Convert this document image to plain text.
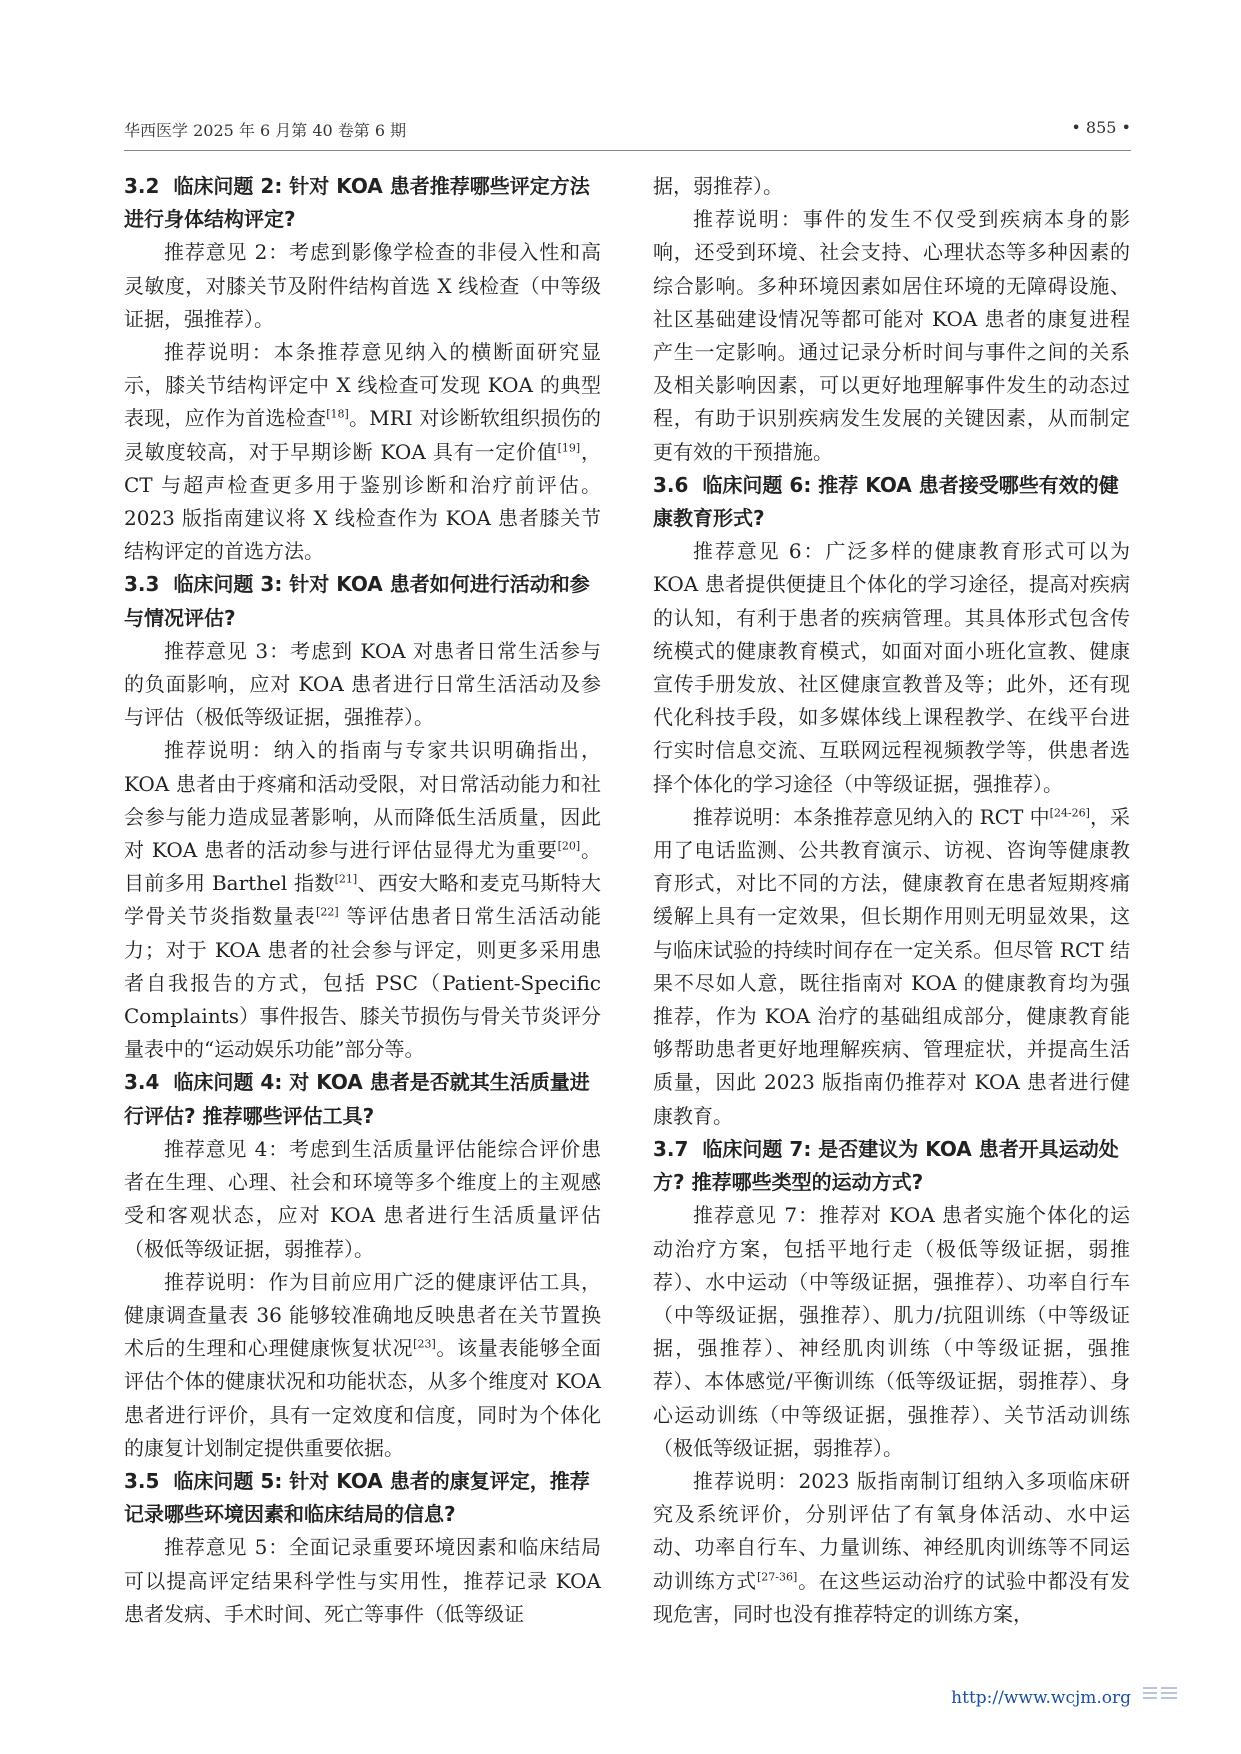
华西医学 2025 年 6 月第 40 卷第 6 期	• 855 •
3.2 临床问题 2: 针对 KOA 患者推荐哪些评定方法进行身体结构评定?

推荐意见 2：考虑到影像学检查的非侵入性和高灵敏度，对膝关节及附件结构首选 X 线检查（中等级证据，强推荐）。

推荐说明：本条推荐意见纳入的横断面研究显示，膝关节结构评定中 X 线检查可发现 KOA 的典型表现，应作为首选检查[18]。MRI 对诊断软组织损伤的灵敏度较高，对于早期诊断 KOA 具有一定价值[19]，CT 与超声检查更多用于鉴别诊断和治疗前评估。2023 版指南建议将 X 线检查作为 KOA 患者膝关节结构评定的首选方法。

3.3 临床问题 3: 针对 KOA 患者如何进行活动和参与情况评估?

推荐意见 3：考虑到 KOA 对患者日常生活参与的负面影响，应对 KOA 患者进行日常生活活动及参与评估（极低等级证据，强推荐）。

推荐说明：纳入的指南与专家共识明确指出，KOA 患者由于疼痛和活动受限，对日常活动能力和社会参与能力造成显著影响，从而降低生活质量，因此对 KOA 患者的活动参与进行评估显得尤为重要[20]。目前多用 Barthel 指数[21]、西安大略和麦克马斯特大学骨关节炎指数量表[22] 等评估患者日常生活活动能力；对于 KOA 患者的社会参与评定，则更多采用患者自我报告的方式，包括 PSC（Patient-Specific Complaints）事件报告、膝关节损伤与骨关节炎评分量表中的“运动娱乐功能”部分等。

3.4 临床问题 4: 对 KOA 患者是否就其生活质量进行评估? 推荐哪些评估工具?

推荐意见 4：考虑到生活质量评估能综合评价患者在生理、心理、社会和环境等多个维度上的主观感受和客观状态，应对 KOA 患者进行生活质量评估（极低等级证据，弱推荐）。

推荐说明：作为目前应用广泛的健康评估工具，健康调查量表 36 能够较准确地反映患者在关节置换术后的生理和心理健康恢复状况[23]。该量表能够全面评估个体的健康状况和功能状态，从多个维度对 KOA 患者进行评价，具有一定效度和信度，同时为个体化的康复计划制定提供重要依据。

3.5 临床问题 5: 针对 KOA 患者的康复评定，推荐记录哪些环境因素和临床结局的信息?

推荐意见 5：全面记录重要环境因素和临床结局可以提高评定结果科学性与实用性，推荐记录 KOA 患者发病、手术时间、死亡等事件（低等级证

据，弱推荐）。

推荐说明：事件的发生不仅受到疾病本身的影响，还受到环境、社会支持、心理状态等多种因素的综合影响。多种环境因素如居住环境的无障碍设施、社区基础建设情况等都可能对 KOA 患者的康复进程产生一定影响。通过记录分析时间与事件之间的关系及相关影响因素，可以更好地理解事件发生的动态过程，有助于识别疾病发生发展的关键因素，从而制定更有效的干预措施。

3.6 临床问题 6: 推荐 KOA 患者接受哪些有效的健康教育形式?

推荐意见 6：广泛多样的健康教育形式可以为 KOA 患者提供便捷且个体化的学习途径，提高对疾病的认知，有利于患者的疾病管理。其具体形式包含传统模式的健康教育模式，如面对面小班化宣教、健康宣传手册发放、社区健康宣教普及等；此外，还有现代化科技手段，如多媒体线上课程教学、在线平台进行实时信息交流、互联网远程视频教学等，供患者选择个体化的学习途径（中等级证据，强推荐）。

推荐说明：本条推荐意见纳入的 RCT 中[24-26]，采用了电话监测、公共教育演示、访视、咨询等健康教育形式，对比不同的方法，健康教育在患者短期疼痛缓解上具有一定效果，但长期作用则无明显效果，这与临床试验的持续时间存在一定关系。但尽管 RCT 结果不尽如人意，既往指南对 KOA 的健康教育均为强推荐，作为 KOA 治疗的基础组成部分，健康教育能够帮助患者更好地理解疾病、管理症状，并提高生活质量，因此 2023 版指南仍推荐对 KOA 患者进行健康教育。

3.7 临床问题 7: 是否建议为 KOA 患者开具运动处方? 推荐哪些类型的运动方式?

推荐意见 7：推荐对 KOA 患者实施个体化的运动治疗方案，包括平地行走（极低等级证据，弱推荐）、水中运动（中等级证据，强推荐）、功率自行车（中等级证据，强推荐）、肌力/抗阻训练（中等级证据，强推荐）、神经肌肉训练（中等级证据，强推荐）、本体感觉/平衡训练（低等级证据，弱推荐）、身心运动训练（中等级证据，强推荐）、关节活动训练（极低等级证据，弱推荐）。

推荐说明：2023 版指南制订组纳入多项临床研究及系统评价，分别评估了有氧身体活动、水中运动、功率自行车、力量训练、神经肌肉训练等不同运动训练方式[27-36]。在这些运动治疗的试验中都没有发现危害，同时也没有推荐特定的训练方案，

http://www.wcjm.org
